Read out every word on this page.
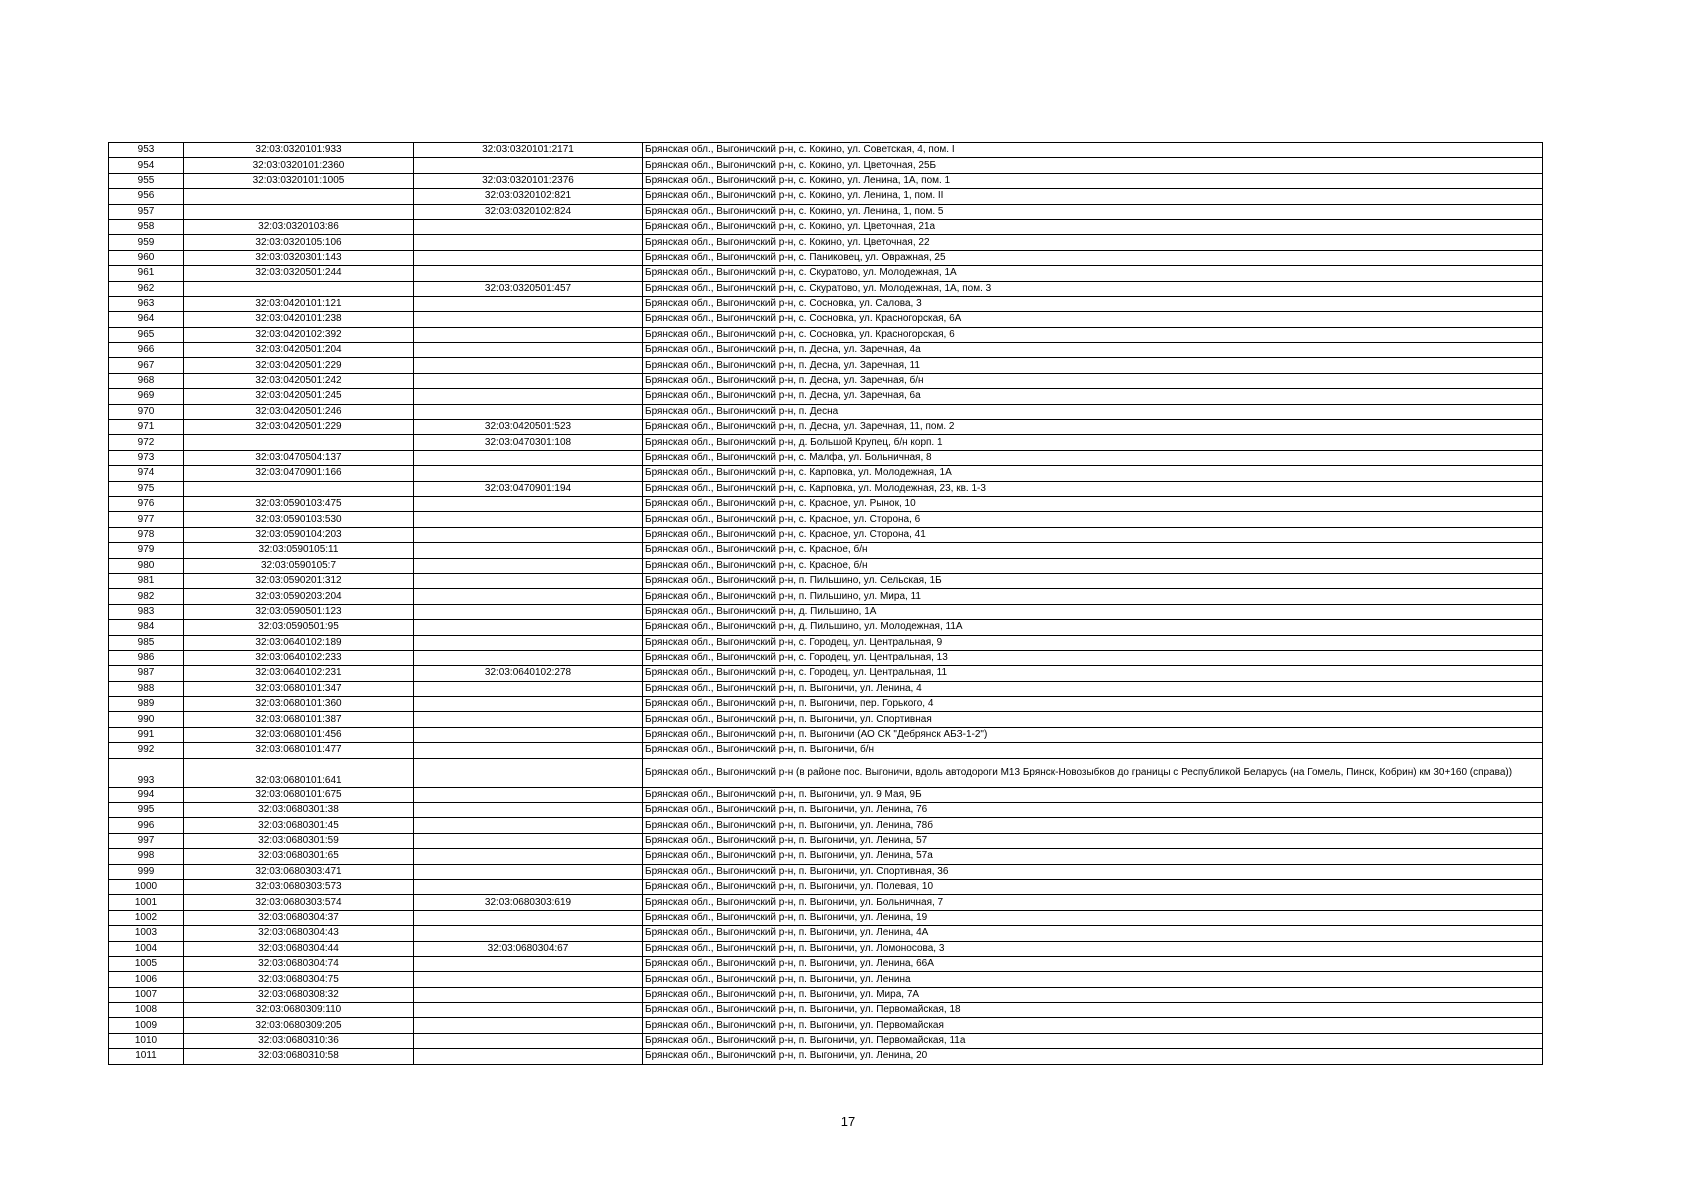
953	32:03:0320101:933	32:03:0320101:2171	Брянская обл., Выгоничский р-н, с. Кокино, ул. Советская, 4, пом. I
954	32:03:0320101:2360		Брянская обл., Выгоничский р-н, с. Кокино, ул. Цветочная, 25Б
955	32:03:0320101:1005	32:03:0320101:2376	Брянская обл., Выгоничский р-н, с. Кокино, ул. Ленина, 1А, пом. 1
956		32:03:0320102:821	Брянская обл., Выгоничский р-н, с. Кокино, ул. Ленина, 1, пом. II
957		32:03:0320102:824	Брянская обл., Выгоничский р-н, с. Кокино, ул. Ленина, 1, пом. 5
958	32:03:0320103:86		Брянская обл., Выгоничский р-н, с. Кокино, ул. Цветочная, 21а
959	32:03:0320105:106		Брянская обл., Выгоничский р-н, с. Кокино, ул. Цветочная, 22
960	32:03:0320301:143		Брянская обл., Выгоничский р-н, с. Паниковец, ул. Овражная, 25
961	32:03:0320501:244		Брянская обл., Выгоничский р-н, с. Скуратово, ул. Молодежная, 1А
962		32:03:0320501:457	Брянская обл., Выгоничский р-н, с. Скуратово, ул. Молодежная, 1А, пом. 3
963	32:03:0420101:121		Брянская обл., Выгоничский р-н, с. Сосновка, ул. Салова, 3
964	32:03:0420101:238		Брянская обл., Выгоничский р-н, с. Сосновка, ул. Красногорская, 6А
965	32:03:0420102:392		Брянская обл., Выгоничский р-н, с. Сосновка, ул. Красногорская, 6
966	32:03:0420501:204		Брянская обл., Выгоничский р-н, п. Десна, ул. Заречная, 4а
967	32:03:0420501:229		Брянская обл., Выгоничский р-н, п. Десна, ул. Заречная, 11
968	32:03:0420501:242		Брянская обл., Выгоничский р-н, п. Десна, ул. Заречная, б/н
969	32:03:0420501:245		Брянская обл., Выгоничский р-н, п. Десна, ул. Заречная, 6а
970	32:03:0420501:246		Брянская обл., Выгоничский р-н, п. Десна
971	32:03:0420501:229	32:03:0420501:523	Брянская обл., Выгоничский р-н, п. Десна, ул. Заречная, 11, пом. 2
972		32:03:0470301:108	Брянская обл., Выгоничский р-н, д. Большой Крупец, б/н корп. 1
973	32:03:0470504:137		Брянская обл., Выгоничский р-н, с. Малфа, ул. Больничная, 8
974	32:03:0470901:166		Брянская обл., Выгоничский р-н, с. Карповка, ул. Молодежная, 1А
975		32:03:0470901:194	Брянская обл., Выгоничский р-н, с. Карповка, ул. Молодежная, 23, кв. 1-3
976	32:03:0590103:475		Брянская обл., Выгоничский р-н, с. Красное, ул. Рынок, 10
977	32:03:0590103:530		Брянская обл., Выгоничский р-н, с. Красное, ул. Сторона, 6
978	32:03:0590104:203		Брянская обл., Выгоничский р-н, с. Красное, ул. Сторона, 41
979	32:03:0590105:11		Брянская обл., Выгоничский р-н, с. Красное, б/н
980	32:03:0590105:7		Брянская обл., Выгоничский р-н, с. Красное, б/н
981	32:03:0590201:312		Брянская обл., Выгоничский р-н, п. Пильшино, ул. Сельская, 1Б
982	32:03:0590203:204		Брянская обл., Выгоничский р-н, п. Пильшино, ул. Мира, 11
983	32:03:0590501:123		Брянская обл., Выгоничский р-н, д. Пильшино, 1А
984	32:03:0590501:95		Брянская обл., Выгоничский р-н, д. Пильшино, ул. Молодежная, 11А
985	32:03:0640102:189		Брянская обл., Выгоничский р-н, с. Городец, ул. Центральная, 9
986	32:03:0640102:233		Брянская обл., Выгоничский р-н, с. Городец, ул. Центральная, 13
987	32:03:0640102:231	32:03:0640102:278	Брянская обл., Выгоничский р-н, с. Городец, ул. Центральная, 11
988	32:03:0680101:347		Брянская обл., Выгоничский р-н, п. Выгоничи, ул. Ленина, 4
989	32:03:0680101:360		Брянская обл., Выгоничский р-н, п. Выгоничи, пер. Горького, 4
990	32:03:0680101:387		Брянская обл., Выгоничский р-н, п. Выгоничи, ул. Спортивная
991	32:03:0680101:456		Брянская обл., Выгоничский р-н, п. Выгоничи (АО СК "Дебрянск АБЗ-1-2")
992	32:03:0680101:477		Брянская обл., Выгоничский р-н, п. Выгоничи, б/н
993	32:03:0680101:641		Брянская обл., Выгоничский р-н (в районе пос. Выгоничи, вдоль автодороги М13 Брянск-Новозыбков до границы с Республикой Беларусь (на Гомель, Пинск, Кобрин) км 30+160 (справа))
994	32:03:0680101:675		Брянская обл., Выгоничский р-н, п. Выгоничи, ул. 9 Мая, 9Б
995	32:03:0680301:38		Брянская обл., Выгоничский р-н, п. Выгоничи, ул. Ленина, 76
996	32:03:0680301:45		Брянская обл., Выгоничский р-н, п. Выгоничи, ул. Ленина, 78б
997	32:03:0680301:59		Брянская обл., Выгоничский р-н, п. Выгоничи, ул. Ленина, 57
998	32:03:0680301:65		Брянская обл., Выгоничский р-н, п. Выгоничи, ул. Ленина, 57а
999	32:03:0680303:471		Брянская обл., Выгоничский р-н, п. Выгоничи, ул. Спортивная, 36
1000	32:03:0680303:573		Брянская обл., Выгоничский р-н, п. Выгоничи, ул. Полевая, 10
1001	32:03:0680303:574	32:03:0680303:619	Брянская обл., Выгоничский р-н, п. Выгоничи, ул. Больничная, 7
1002	32:03:0680304:37		Брянская обл., Выгоничский р-н, п. Выгоничи, ул. Ленина, 19
1003	32:03:0680304:43		Брянская обл., Выгоничский р-н, п. Выгоничи, ул. Ленина, 4А
1004	32:03:0680304:44	32:03:0680304:67	Брянская обл., Выгоничский р-н, п. Выгоничи, ул. Ломоносова, 3
1005	32:03:0680304:74		Брянская обл., Выгоничский р-н, п. Выгоничи, ул. Ленина, 66А
1006	32:03:0680304:75		Брянская обл., Выгоничский р-н, п. Выгоничи, ул. Ленина
1007	32:03:0680308:32		Брянская обл., Выгоничский р-н, п. Выгоничи, ул. Мира, 7А
1008	32:03:0680309:110		Брянская обл., Выгоничский р-н, п. Выгоничи, ул. Первомайская, 18
1009	32:03:0680309:205		Брянская обл., Выгоничский р-н, п. Выгоничи, ул. Первомайская
1010	32:03:0680310:36		Брянская обл., Выгоничский р-н, п. Выгоничи, ул. Первомайская, 11а
1011	32:03:0680310:58		Брянская обл., Выгоничский р-н, п. Выгоничи, ул. Ленина, 20
17
